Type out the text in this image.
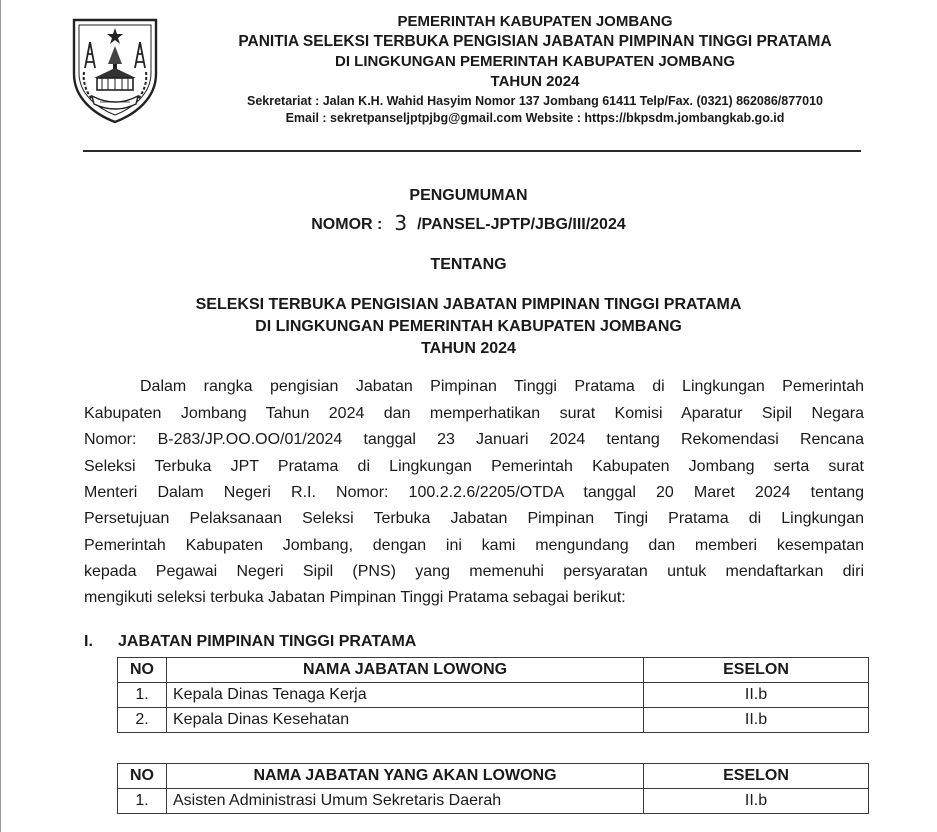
PEMERINTAH KABUPATEN JOMBANG
PANITIA SELEKSI TERBUKA PENGISIAN JABATAN PIMPINAN TINGGI PRATAMA
DI LINGKUNGAN PEMERINTAH KABUPATEN JOMBANG
TAHUN 2024
Sekretariat : Jalan K.H. Wahid Hasyim Nomor 137 Jombang 61411 Telp/Fax. (0321) 862086/877010
Email : sekretpanseljptpjbg@gmail.com Website : https://bkpsdm.jombangkab.go.id
PENGUMUMAN
NOMOR : 3 /PANSEL-JPTP/JBG/III/2024
TENTANG
SELEKSI TERBUKA PENGISIAN JABATAN PIMPINAN TINGGI PRATAMA
DI LINGKUNGAN PEMERINTAH KABUPATEN JOMBANG
TAHUN 2024
Dalam rangka pengisian Jabatan Pimpinan Tinggi Pratama di Lingkungan Pemerintah
Kabupaten Jombang Tahun 2024 dan memperhatikan surat Komisi Aparatur Sipil Negara
Nomor: B-283/JP.OO.OO/01/2024 tanggal 23 Januari 2024 tentang Rekomendasi Rencana
Seleksi Terbuka JPT Pratama di Lingkungan Pemerintah Kabupaten Jombang serta surat
Menteri Dalam Negeri R.I. Nomor: 100.2.2.6/2205/OTDA tanggal 20 Maret 2024 tentang
Persetujuan Pelaksanaan Seleksi Terbuka Jabatan Pimpinan Tingi Pratama di Lingkungan
Pemerintah Kabupaten Jombang, dengan ini kami mengundang dan memberi kesempatan
kepada Pegawai Negeri Sipil (PNS) yang memenuhi persyaratan untuk mendaftarkan diri
mengikuti seleksi terbuka Jabatan Pimpinan Tinggi Pratama sebagai berikut:
I. JABATAN PIMPINAN TINGGI PRATAMA
NO	NAMA JABATAN LOWONG	ESELON
1.	Kepala Dinas Tenaga Kerja	II.b
2.	Kepala Dinas Kesehatan	II.b
NO	NAMA JABATAN YANG AKAN LOWONG	ESELON
1.	Asisten Administrasi Umum Sekretaris Daerah	II.b
